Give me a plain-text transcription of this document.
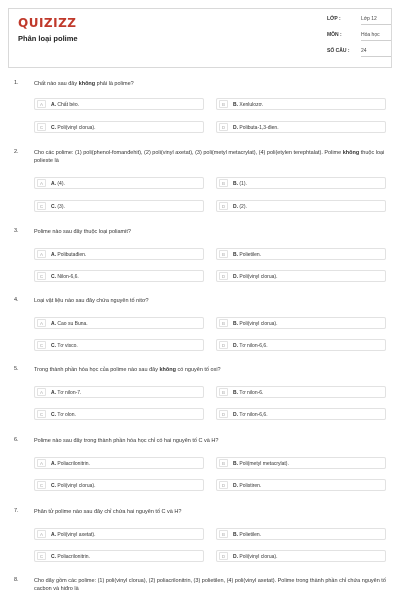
QUIZIZZ
Phân loại polime
LỚP :	Lớp 12
MÔN :	Hóa học
SỐ CÂU : 24
1.	Chất nào sau đây không phải là polime?
A	A. Chất béo.	B	B. Xenlulozơ.
C	C. Poli(vinyl clorua).	D	D. Polibuta-1,3-đien.
2.	Cho các polime: (1) poli(phenol-fomanđehit), (2) poli(vinyl axetat), (3) poli(metyl metacrylat), (4) poli(etylen terephtalat). Polime không thuộc loại polieste là
A	A. (4).	B	B. (1).
C	C. (3).	D	D. (2).
3.	Polime nào sau đây thuộc loại poliamit?
A	A. Polibutađien.	B	B. Polietilen.
C	C. Nilon-6,6.	D	D. Poli(vinyl clorua).
4.	Loại vật liệu nào sau đây chứa nguyên tố nitơ?
A	A. Cao su Buna.	B	B. Poli(vinyl clorua).
C	C. Tơ visco.	D	D. Tơ nilon-6,6.
5.	Trong thành phần hóa học của polime nào sau đây không có nguyên tố oxi?
A	A. Tơ nilon-7.	B	B. Tơ nilon-6.
C	C. Tơ olon.	D	D. Tơ nilon-6,6.
6.	Polime nào sau đây trong thành phần hóa học chỉ có hai nguyên tố C và H?
A	A. Poliacrilonitrin.	B	B. Poli(metyl metacrylat).
C	C. Poli(vinyl clorua).	D	D. Polistiren.
7.	Phân tử polime nào sau đây chỉ chứa hai nguyên tố C và H?
A	A. Poli(vinyl axetat).	B	B. Polietilen.
C	C. Poliacrilonitrin.	D	D. Poli(vinyl clorua).
8.	Cho dãy gồm các polime: (1) poli(vinyl clorua), (2) poliacrilonitrin, (3) polietilen, (4) poli(vinyl axetat). Polime trong thành phần chỉ chứa nguyên tố cacbon và hiđro là
